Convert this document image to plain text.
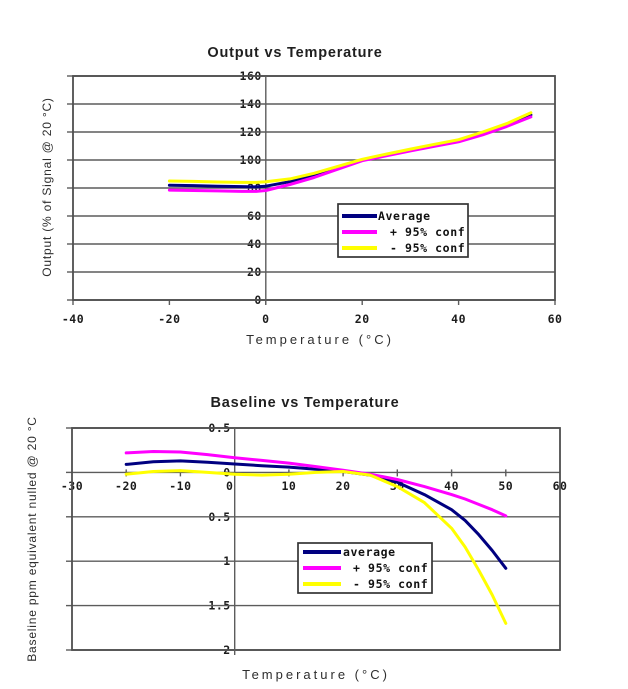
160
140
120
100
80
60
40
20
0
-40	-20	0	20	40	60
Average
+ 95% conf
- 95% conf
Output vs Temperature
Temperature (°C)
Output (% of Signal @ 20 °C)
0.5
0
0.5
1
1.5
2
-30	-20	-10	0	10	20	30	40	50	60
average
+ 95% conf
- 95% conf
Baseline vs Temperature
Temperature (°C)
Baseline ppm equivalent nulled @ 20 °C
